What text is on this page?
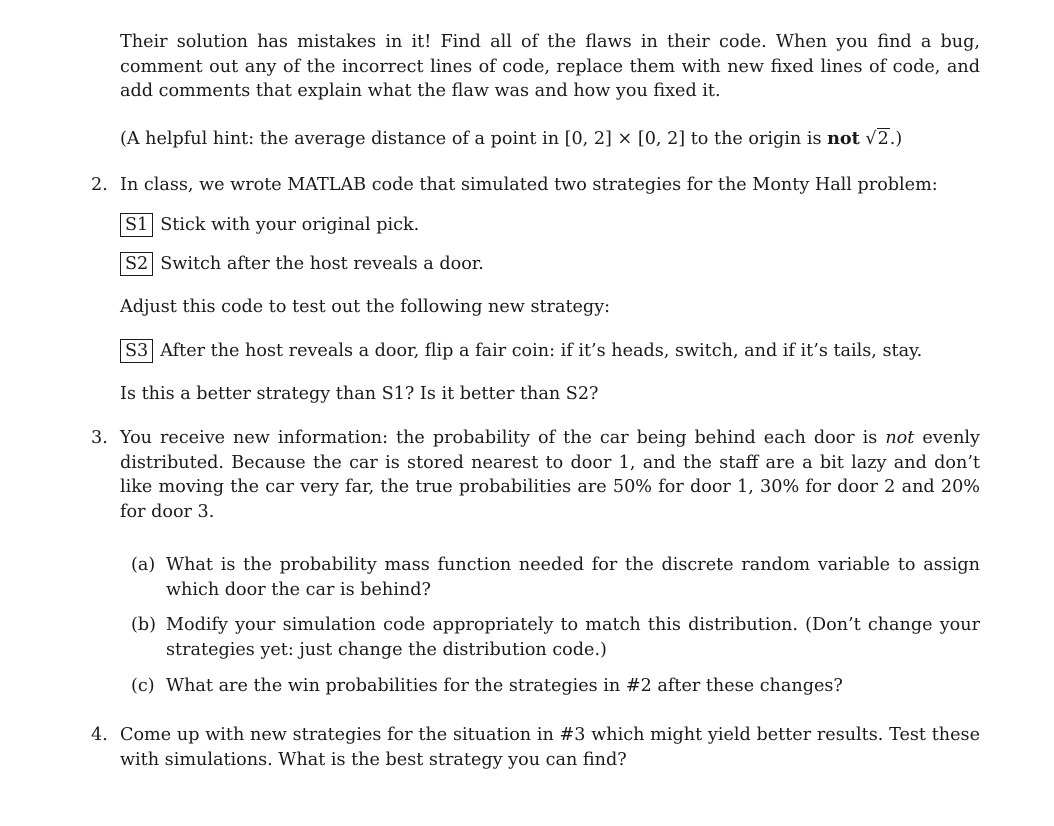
Their solution has mistakes in it! Find all of the flaws in their code. When you find a bug, comment out any of the incorrect lines of code, replace them with new fixed lines of code, and add comments that explain what the flaw was and how you fixed it.

(A helpful hint: the average distance of a point in [0, 2] × [0, 2] to the origin is not √2.)

2. In class, we wrote MATLAB code that simulated two strategies for the Monty Hall problem:

S1 Stick with your original pick.
S2 Switch after the host reveals a door.

Adjust this code to test out the following new strategy:

S3 After the host reveals a door, flip a fair coin: if it’s heads, switch, and if it’s tails, stay.

Is this a better strategy than S1? Is it better than S2?

3. You receive new information: the probability of the car being behind each door is not evenly distributed. Because the car is stored nearest to door 1, and the staff are a bit lazy and don’t like moving the car very far, the true probabilities are 50% for door 1, 30% for door 2 and 20% for door 3.

(a) What is the probability mass function needed for the discrete random variable to assign which door the car is behind?

(b) Modify your simulation code appropriately to match this distribution. (Don’t change your strategies yet: just change the distribution code.)

(c) What are the win probabilities for the strategies in #2 after these changes?

4. Come up with new strategies for the situation in #3 which might yield better results. Test these with simulations. What is the best strategy you can find?
